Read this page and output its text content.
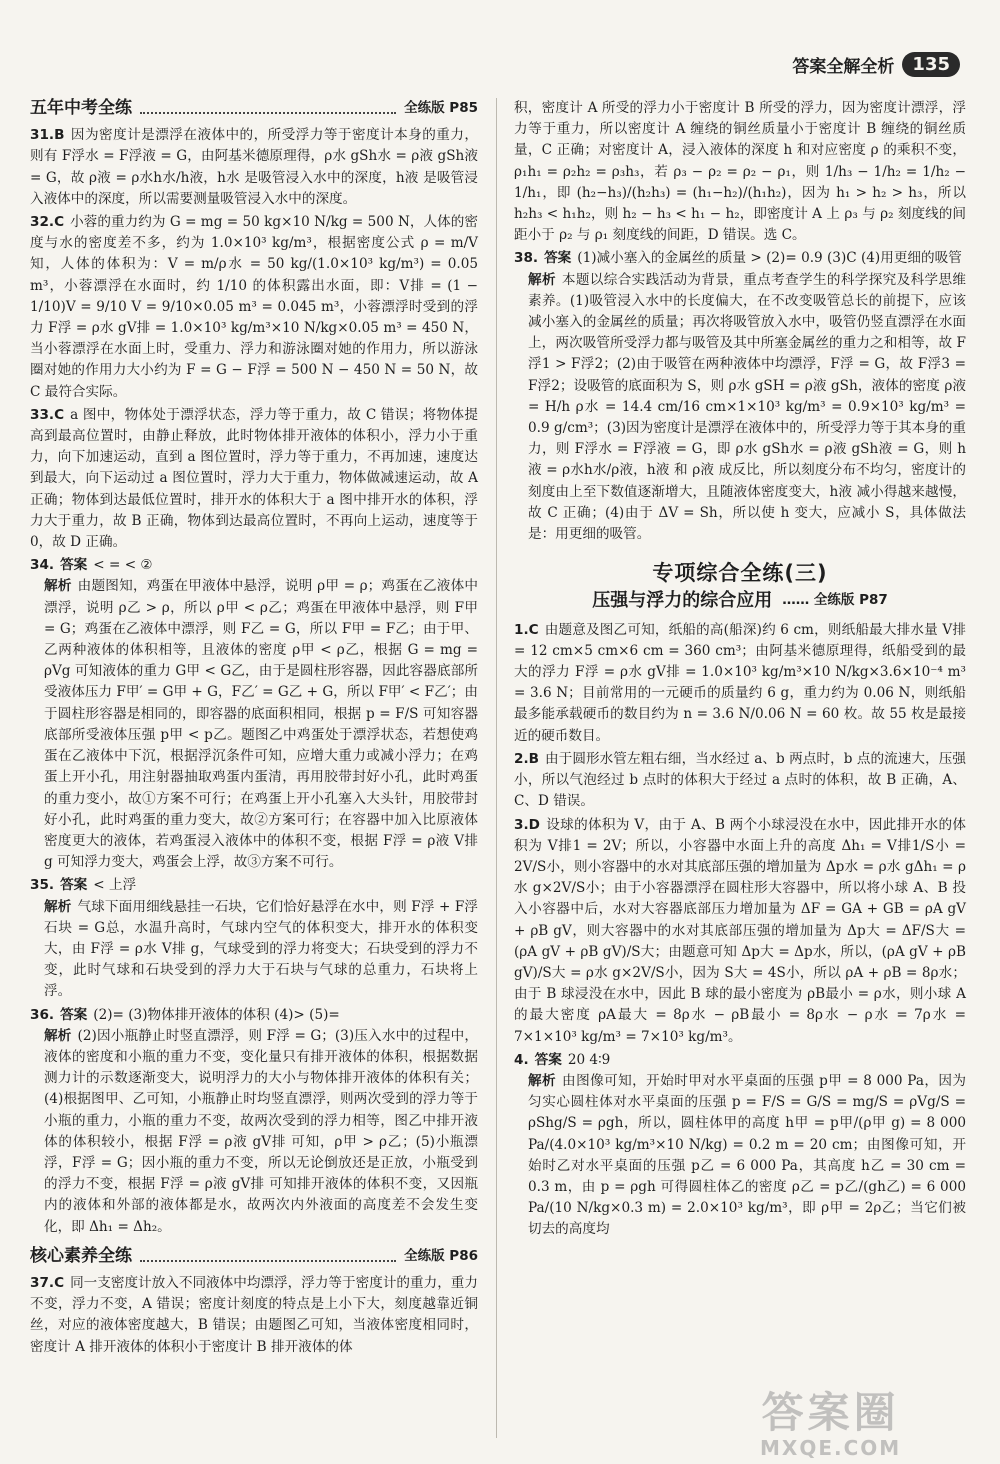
答案全解全析	135
五年中考全练	全练版 P85
31.B 因为密度计是漂浮在液体中的，所受浮力等于密度计本身的重力，则有 F浮水 = F浮液 = G，由阿基米德原理得，ρ水 gSh水 = ρ液 gSh液 = G，故 ρ液 = ρ水h水/h液，h水 是吸管浸入水中的深度，h液 是吸管浸入液体中的深度，所以需要测量吸管浸入水中的深度。
32.C 小蓉的重力约为 G = mg = 50 kg×10 N/kg = 500 N，人体的密度与水的密度差不多，约为 1.0×10³ kg/m³，根据密度公式 ρ = m/V 知，人体的体积为：V = m/ρ水 = 50 kg/(1.0×10³ kg/m³) = 0.05 m³，小蓉漂浮在水面时，约 1/10 的体积露出水面，即：V排 = (1 − 1/10)V = 9/10 V = 9/10×0.05 m³ = 0.045 m³，小蓉漂浮时受到的浮力 F浮 = ρ水 gV排 = 1.0×10³ kg/m³×10 N/kg×0.05 m³ = 450 N，当小蓉漂浮在水面上时，受重力、浮力和游泳圈对她的作用力，所以游泳圈对她的作用力大小约为 F = G − F浮 = 500 N − 450 N = 50 N，故 C 最符合实际。
33.C a 图中，物体处于漂浮状态，浮力等于重力，故 C 错误；将物体提高到最高位置时，由静止释放，此时物体排开液体的体积小，浮力小于重力，向下加速运动，直到 a 图位置时，浮力等于重力，不再加速，速度达到最大，向下运动过 a 图位置时，浮力大于重力，物体做减速运动，故 A 正确；物体到达最低位置时，排开水的体积大于 a 图中排开水的体积，浮力大于重力，故 B 正确，物体到达最高位置时，不再向上运动，速度等于 0，故 D 正确。
34. 答案 < = < ②
解析 由题图知，鸡蛋在甲液体中悬浮，说明 ρ甲 = ρ；鸡蛋在乙液体中漂浮，说明 ρ乙 > ρ，所以 ρ甲 < ρ乙；鸡蛋在甲液体中悬浮，则 F甲 = G；鸡蛋在乙液体中漂浮，则 F乙 = G，所以 F甲 = F乙；由于甲、乙两种液体的体积相等，且液体的密度 ρ甲 < ρ乙，根据 G = mg = ρVg 可知液体的重力 G甲 < G乙，由于是圆柱形容器，因此容器底部所受液体压力 F甲′ = G甲 + G，F乙′ = G乙 + G，所以 F甲′ < F乙′；由于圆柱形容器是相同的，即容器的底面积相同，根据 p = F/S 可知容器底部所受液体压强 p甲 < p乙。题图乙中鸡蛋处于漂浮状态，若想使鸡蛋在乙液体中下沉，根据浮沉条件可知，应增大重力或减小浮力；在鸡蛋上开小孔，用注射器抽取鸡蛋内蛋清，再用胶带封好小孔，此时鸡蛋的重力变小，故①方案不可行；在鸡蛋上开小孔塞入大头针，用胶带封好小孔，此时鸡蛋的重力变大，故②方案可行；在容器中加入比原液体密度更大的液体，若鸡蛋浸入液体中的体积不变，根据 F浮 = ρ液 V排 g 可知浮力变大，鸡蛋会上浮，故③方案不可行。
35. 答案 < 上浮
解析 气球下面用细线悬挂一石块，它们恰好悬浮在水中，则 F浮 + F浮石块 = G总，水温升高时，气球内空气的体积变大，排开水的体积变大，由 F浮 = ρ水 V排 g，气球受到的浮力将变大；石块受到的浮力不变，此时气球和石块受到的浮力大于石块与气球的总重力，石块将上浮。
36. 答案 (2)= (3)物体排开液体的体积 (4)> (5)=
解析 (2)因小瓶静止时竖直漂浮，则 F浮 = G；(3)压入水中的过程中，液体的密度和小瓶的重力不变，变化量只有排开液体的体积，根据数据测力计的示数逐渐变大，说明浮力的大小与物体排开液体的体积有关；(4)根据图甲、乙可知，小瓶静止时均竖直漂浮，则两次受到的浮力等于小瓶的重力，小瓶的重力不变，故两次受到的浮力相等，图乙中排开液体的体积较小，根据 F浮 = ρ液 gV排 可知，ρ甲 > ρ乙；(5)小瓶漂浮，F浮 = G；因小瓶的重力不变，所以无论倒放还是正放，小瓶受到的浮力不变，根据 F浮 = ρ液 gV排 可知排开液体的体积不变，又因瓶内的液体和外部的液体都是水，故两次内外液面的高度差不会发生变化，即 Δh₁ = Δh₂。
核心素养全练	全练版 P86
37.C 同一支密度计放入不同液体中均漂浮，浮力等于密度计的重力，重力不变，浮力不变，A 错误；密度计刻度的特点是上小下大，刻度越靠近铜丝，对应的液体密度越大，B 错误；由题图乙可知，当液体密度相同时，密度计 A 排开液体的体积小于密度计 B 排开液体的体
积，密度计 A 所受的浮力小于密度计 B 所受的浮力，因为密度计漂浮，浮力等于重力，所以密度计 A 缠绕的铜丝质量小于密度计 B 缠绕的铜丝质量，C 正确；对密度计 A，浸入液体的深度 h 和对应密度 ρ 的乘积不变，ρ₁h₁ = ρ₂h₂ = ρ₃h₃，若 ρ₃ − ρ₂ = ρ₂ − ρ₁，则 1/h₃ − 1/h₂ = 1/h₂ − 1/h₁，即 (h₂−h₃)/(h₂h₃) = (h₁−h₂)/(h₁h₂)，因为 h₁ > h₂ > h₃，所以 h₂h₃ < h₁h₂，则 h₂ − h₃ < h₁ − h₂，即密度计 A 上 ρ₃ 与 ρ₂ 刻度线的间距小于 ρ₂ 与 ρ₁ 刻度线的间距，D 错误。选 C。
38. 答案 (1)减小塞入的金属丝的质量 > (2)= 0.9 (3)C (4)用更细的吸管
解析 本题以综合实践活动为背景，重点考查学生的科学探究及科学思维素养。(1)吸管浸入水中的长度偏大，在不改变吸管总长的前提下，应该减小塞入的金属丝的质量；再次将吸管放入水中，吸管仍竖直漂浮在水面上，两次吸管所受浮力都与吸管及其中所塞金属丝的重力之和相等，故 F浮1 > F浮2；(2)由于吸管在两种液体中均漂浮，F浮 = G，故 F浮3 = F浮2；设吸管的底面积为 S，则 ρ水 gSH = ρ液 gSh，液体的密度 ρ液 = H/h ρ水 = 14.4 cm/16 cm×1×10³ kg/m³ = 0.9×10³ kg/m³ = 0.9 g/cm³；(3)因为密度计是漂浮在液体中的，所受浮力等于其本身的重力，则 F浮水 = F浮液 = G，即 ρ水 gSh水 = ρ液 gSh液 = G，则 h液 = ρ水h水/ρ液，h液 和 ρ液 成反比，所以刻度分布不均匀，密度计的刻度由上至下数值逐渐增大，且随液体密度变大，h液 减小得越来越慢，故 C 正确；(4)由于 ΔV = Sh，所以使 h 变大，应减小 S，具体做法是：用更细的吸管。
专项综合全练(三)
压强与浮力的综合应用 …… 全练版 P87
1.C 由题意及图乙可知，纸船的高(船深)约 6 cm，则纸船最大排水量 V排 = 12 cm×5 cm×6 cm = 360 cm³；由阿基米德原理得，纸船受到的最大的浮力 F浮 = ρ水 gV排 = 1.0×10³ kg/m³×10 N/kg×3.6×10⁻⁴ m³ = 3.6 N；目前常用的一元硬币的质量约 6 g，重力约为 0.06 N，则纸船最多能承载硬币的数目约为 n = 3.6 N/0.06 N = 60 枚。故 55 枚是最接近的硬币数目。
2.B 由于圆形水管左粗右细，当水经过 a、b 两点时，b 点的流速大，压强小，所以气泡经过 b 点时的体积大于经过 a 点时的体积，故 B 正确，A、C、D 错误。
3.D 设球的体积为 V，由于 A、B 两个小球浸没在水中，因此排开水的体积为 V排1 = 2V；所以，小容器中水面上升的高度 Δh₁ = V排1/S小 = 2V/S小，则小容器中的水对其底部压强的增加量为 Δp水 = ρ水 gΔh₁ = ρ水 g×2V/S小；由于小容器漂浮在圆柱形大容器中，所以将小球 A、B 投入小容器中后，水对大容器底部压力增加量为 ΔF = GA + GB = ρA gV + ρB gV，则大容器中的水对其底部压强的增加量为 Δp大 = ΔF/S大 = (ρA gV + ρB gV)/S大；由题意可知 Δp大 = Δp水，所以，(ρA gV + ρB gV)/S大 = ρ水 g×2V/S小，因为 S大 = 4S小，所以 ρA + ρB = 8ρ水；由于 B 球浸没在水中，因此 B 球的最小密度为 ρB最小 = ρ水，则小球 A 的最大密度 ρA最大 = 8ρ水 − ρB最小 = 8ρ水 − ρ水 = 7ρ水 = 7×1×10³ kg/m³ = 7×10³ kg/m³。
4. 答案 20 4∶9
解析 由图像可知，开始时甲对水平桌面的压强 p甲 = 8 000 Pa，因为匀实心圆柱体对水平桌面的压强 p = F/S = G/S = mg/S = ρVg/S = ρShg/S = ρgh，所以，圆柱体甲的高度 h甲 = p甲/(ρ甲 g) = 8 000 Pa/(4.0×10³ kg/m³×10 N/kg) = 0.2 m = 20 cm；由图像可知，开始时乙对水平桌面的压强 p乙 = 6 000 Pa，其高度 h乙 = 30 cm = 0.3 m，由 p = ρgh 可得圆柱体乙的密度 ρ乙 = p乙/(gh乙) = 6 000 Pa/(10 N/kg×0.3 m) = 2.0×10³ kg/m³，即 ρ甲 = 2ρ乙；当它们被切去的高度均
答案圈
MXQE.COM
